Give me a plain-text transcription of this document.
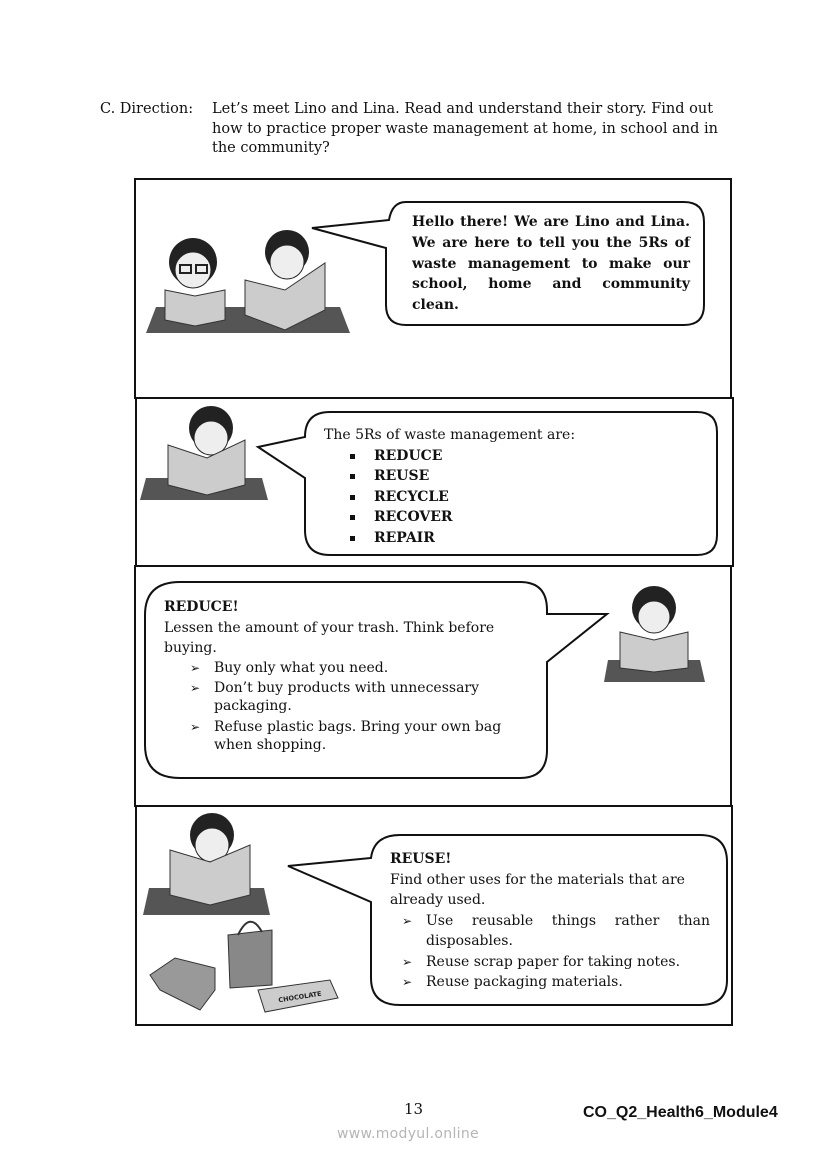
C. Direction: Let’s meet Lino and Lina. Read and understand their story. Find out how to practice proper waste management at home, in school and in the community?
CHOCOLATE
Hello there! We are Lino and Lina. We are here to tell you the 5Rs of waste management to make our school, home and community clean.
The 5Rs of waste management are:
REDUCE
REUSE
RECYCLE
RECOVER
REPAIR
REDUCE!
Lessen the amount of your trash. Think before buying.
➢ Buy only what you need.
➢ Don’t buy products with unnecessary packaging.
➢ Refuse plastic bags. Bring your own bag when shopping.
REUSE!
Find other uses for the materials that are already used.
➢ Use reusable things rather than disposables.
➢ Reuse scrap paper for taking notes.
➢ Reuse packaging materials.
13	CO_Q2_Health6_Module4
www.modyul.online
